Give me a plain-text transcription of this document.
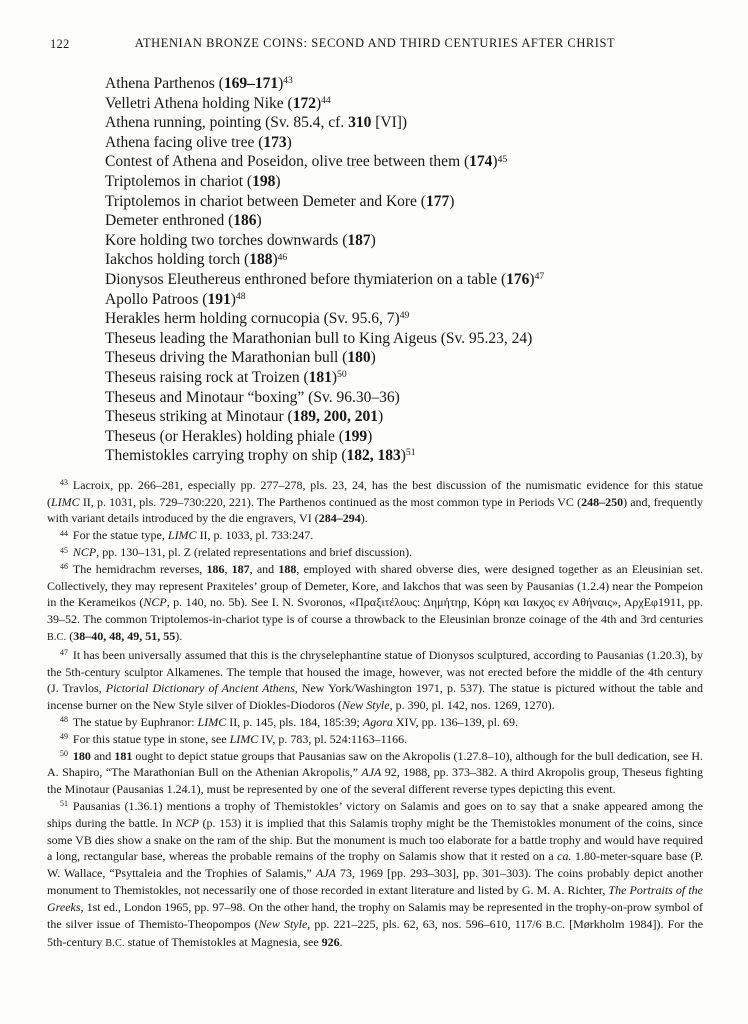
122	ATHENIAN BRONZE COINS: SECOND AND THIRD CENTURIES AFTER CHRIST
Athena Parthenos $(169-171)^{43}$
Velletri Athena holding Nike $(172)^{44}$
Athena running, pointing (Sv. 85.4, cf. 310 [VI])
Athena facing olive tree (173)
Contest of Athena and Poseidon, olive tree between them $(174)^{45}$
Triptolemos in chariot (198)
Triptolemos in chariot between Demeter and Kore (177)
Demeter enthroned (186)
Kore holding two torches downwards (187)
Iakchos holding torch $(188)^{46}$
Dionysos Eleuthereus enthroned before thymiaterion on a table $(176)^{47}$
Apollo Patroos $(191)^{48}$
Herakles herm holding cornucopia (Sv. 95.6, 7)$^{49}$
Theseus leading the Marathonian bull to King Aigeus (Sv. 95.23, 24)
Theseus driving the Marathonian bull (180)
Theseus raising rock at Troizen $(181)^{50}$
Theseus and Minotaur “boxing” (Sv. 96.30–36)
Theseus striking at Minotaur (189, 200, 201)
Theseus (or Herakles) holding phiale (199)
Themistokles carrying trophy on ship (182, 183)$^{51}$

$^{43}$ Lacroix, pp. 266–281, especially pp. 277–278, pls. 23, 24, has the best discussion of the numismatic evidence for this statue (LIMC II, p. 1031, pls. 729–730:220, 221). The Parthenos continued as the most common type in Periods VC (248–250) and, frequently with variant details introduced by the die engravers, VI (284–294).

$^{44}$ For the statue type, LIMC II, p. 1033, pl. 733:247.

$^{45}$ NCP, pp. 130–131, pl. Z (related representations and brief discussion).

$^{46}$ The hemidrachm reverses, 186, 187, and 188, employed with shared obverse dies, were designed together as an Eleusinian set. Collectively, they may represent Praxiteles’ group of Demeter, Kore, and Iakchos that was seen by Pausanias (1.2.4) near the Pompeion in the Kerameikos (NCP, p. 140, no. 5b). See I. N. Svoronos, «Πραξιτέλους: Δημήτηρ, Κόρη και Ιακχος εν Αθήναις», ΑρχΕφ1911, pp. 39–52. The common Triptolemos-in-chariot type is of course a throwback to the Eleusinian bronze coinage of the 4th and 3rd centuries B.C. (38–40, 48, 49, 51, 55).

$^{47}$ It has been universally assumed that this is the chryselephantine statue of Dionysos sculptured, according to Pausanias (1.20.3), by the 5th-century sculptor Alkamenes. The temple that housed the image, however, was not erected before the middle of the 4th century (J. Travlos, Pictorial Dictionary of Ancient Athens, New York/Washington 1971, p. 537). The statue is pictured without the table and incense burner on the New Style silver of Diokles-Diodoros (New Style, p. 390, pl. 142, nos. 1269, 1270).

$^{48}$ The statue by Euphranor: LIMC II, p. 145, pls. 184, 185:39; Agora XIV, pp. 136–139, pl. 69.

$^{49}$ For this statue type in stone, see LIMC IV, p. 783, pl. 524:1163–1166.

$^{50}$ 180 and 181 ought to depict statue groups that Pausanias saw on the Akropolis (1.27.8–10), although for the bull dedication, see H. A. Shapiro, “The Marathonian Bull on the Athenian Akropolis,” AJA 92, 1988, pp. 373–382. A third Akropolis group, Theseus fighting the Minotaur (Pausanias 1.24.1), must be represented by one of the several different reverse types depicting this event.

$^{51}$ Pausanias (1.36.1) mentions a trophy of Themistokles’ victory on Salamis and goes on to say that a snake appeared among the ships during the battle. In NCP (p. 153) it is implied that this Salamis trophy might be the Themistokles monument of the coins, since some VB dies show a snake on the ram of the ship. But the monument is much too elaborate for a battle trophy and would have required a long, rectangular base, whereas the probable remains of the trophy on Salamis show that it rested on a ca. 1.80-meter-square base (P. W. Wallace, “Psyttaleia and the Trophies of Salamis,” AJA 73, 1969 [pp. 293–303], pp. 301–303). The coins probably depict another monument to Themistokles, not necessarily one of those recorded in extant literature and listed by G. M. A. Richter, The Portraits of the Greeks, 1st ed., London 1965, pp. 97–98. On the other hand, the trophy on Salamis may be represented in the trophy-on-prow symbol of the silver issue of Themisto-Theopompos (New Style, pp. 221–225, pls. 62, 63, nos. 596–610, 117/6 B.C. [Mørkholm 1984]). For the 5th-century B.C. statue of Themistokles at Magnesia, see 926.
